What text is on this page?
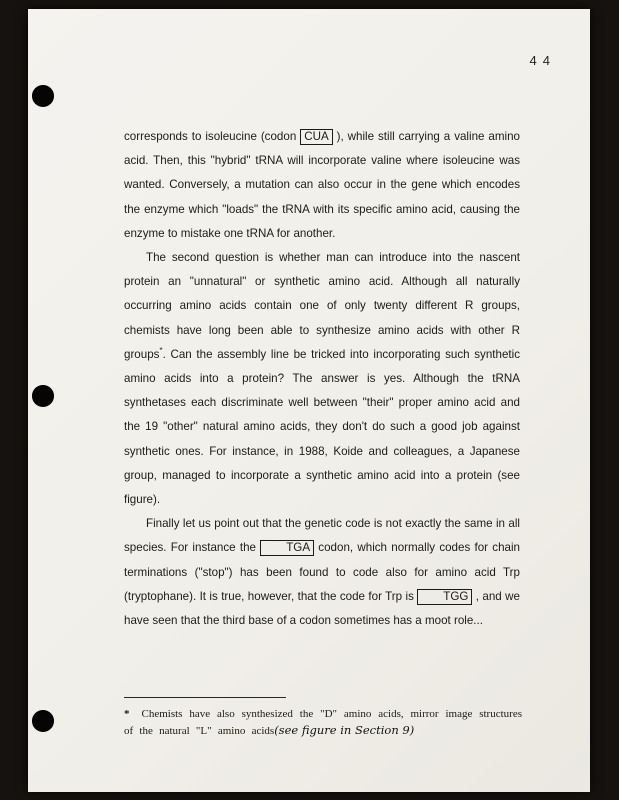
44

corresponds to isoleucine (codon CUA ), while still carrying a valine amino acid. Then, this "hybrid" tRNA will incorporate valine where isoleucine was wanted. Conversely, a mutation can also occur in the gene which encodes the enzyme which "loads" the tRNA with its specific amino acid, causing the enzyme to mistake one tRNA for another.

The second question is whether man can introduce into the nascent protein an "unnatural" or synthetic amino acid. Although all naturally occurring amino acids contain one of only twenty different R groups, chemists have long been able to synthesize amino acids with other R groups*. Can the assembly line be tricked into incorporating such synthetic amino acids into a protein? The answer is yes. Although the tRNA synthetases each discriminate well between "their" proper amino acid and the 19 "other" natural amino acids, they don't do such a good job against synthetic ones. For instance, in 1988, Koide and colleagues, a Japanese group, managed to incorporate a synthetic amino acid into a protein (see figure).

Finally let us point out that the genetic code is not exactly the same in all species. For instance the TGA codon, which normally codes for chain terminations ("stop") has been found to code also for amino acid Trp (tryptophane). It is true, however, that the code for Trp is TGG , and we have seen that the third base of a codon sometimes has a moot role...

* Chemists have also synthesized the "D" amino acids, mirror image structures of the natural "L" amino acids(see figure in Section 9)
